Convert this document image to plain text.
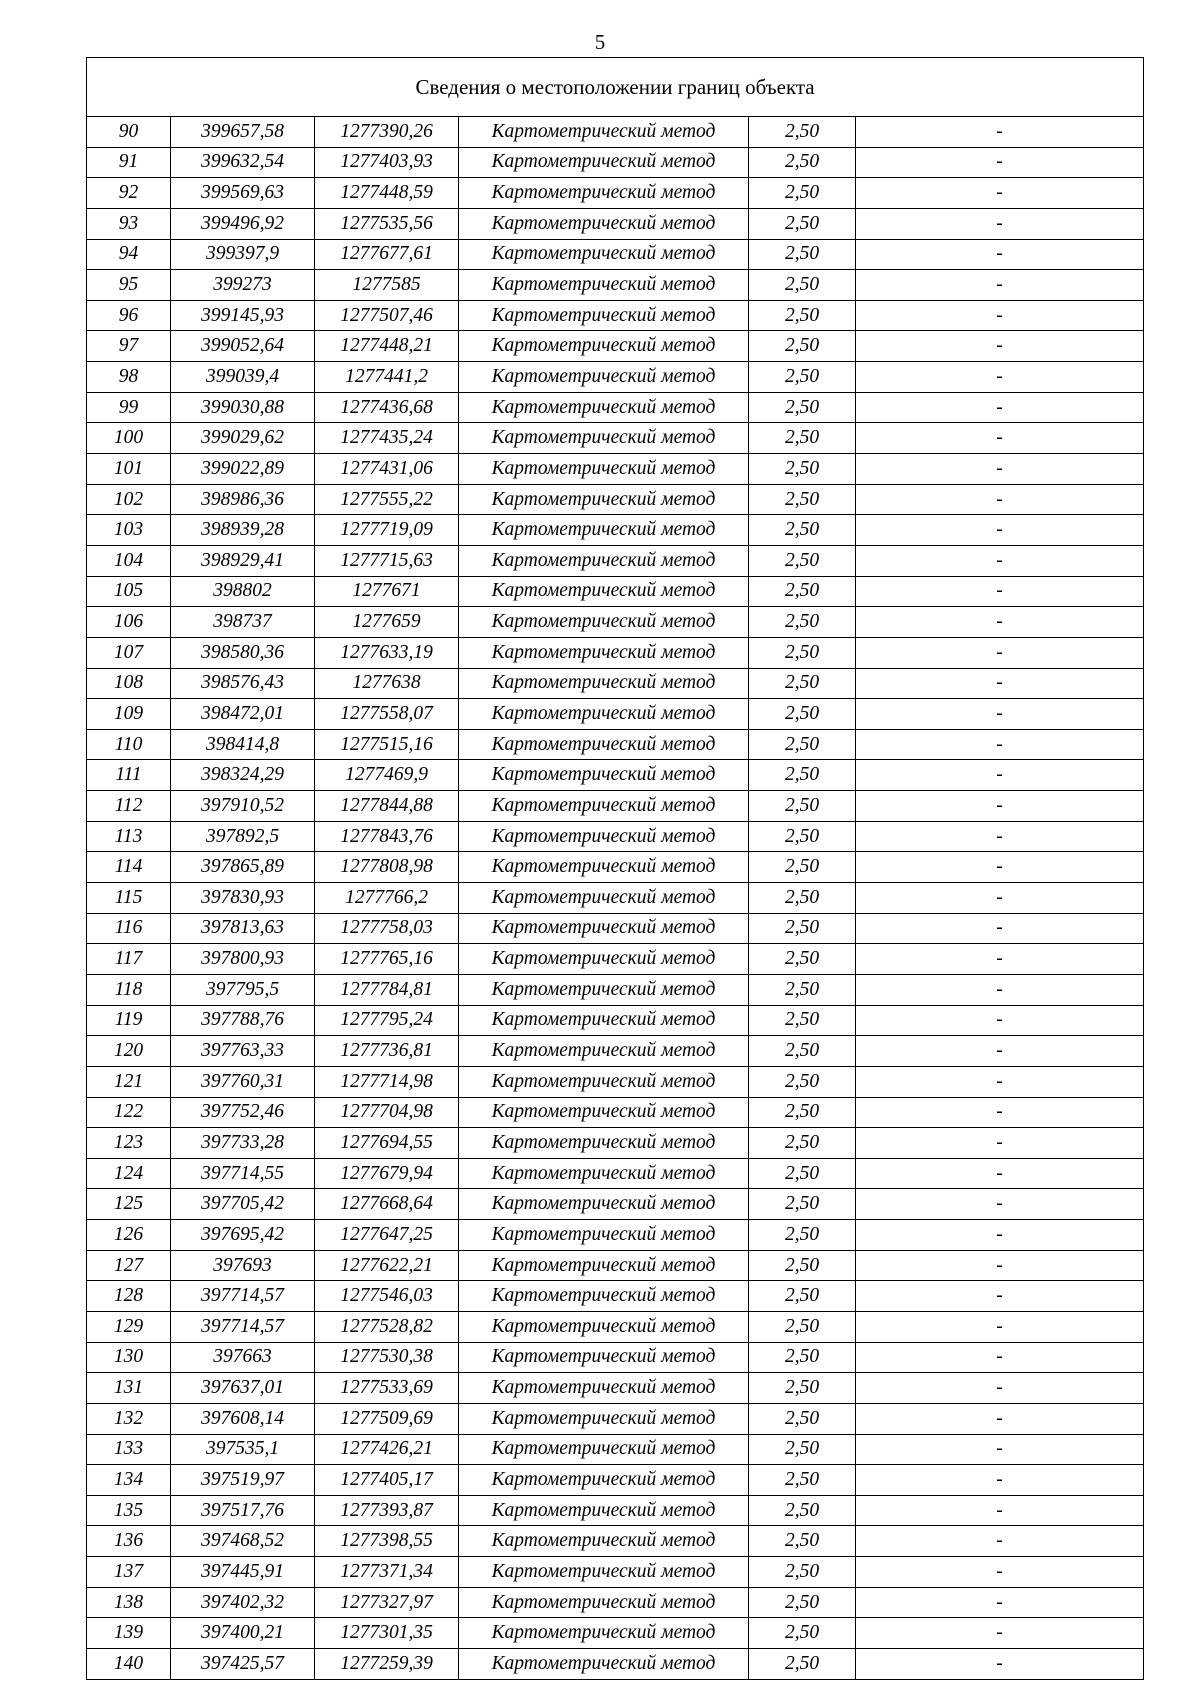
5
Сведения о местоположении границ объекта					
90	399657,58	1277390,26	Картометрический метод	2,50	-
91	399632,54	1277403,93	Картометрический метод	2,50	-
92	399569,63	1277448,59	Картометрический метод	2,50	-
93	399496,92	1277535,56	Картометрический метод	2,50	-
94	399397,9	1277677,61	Картометрический метод	2,50	-
95	399273	1277585	Картометрический метод	2,50	-
96	399145,93	1277507,46	Картометрический метод	2,50	-
97	399052,64	1277448,21	Картометрический метод	2,50	-
98	399039,4	1277441,2	Картометрический метод	2,50	-
99	399030,88	1277436,68	Картометрический метод	2,50	-
100	399029,62	1277435,24	Картометрический метод	2,50	-
101	399022,89	1277431,06	Картометрический метод	2,50	-
102	398986,36	1277555,22	Картометрический метод	2,50	-
103	398939,28	1277719,09	Картометрический метод	2,50	-
104	398929,41	1277715,63	Картометрический метод	2,50	-
105	398802	1277671	Картометрический метод	2,50	-
106	398737	1277659	Картометрический метод	2,50	-
107	398580,36	1277633,19	Картометрический метод	2,50	-
108	398576,43	1277638	Картометрический метод	2,50	-
109	398472,01	1277558,07	Картометрический метод	2,50	-
110	398414,8	1277515,16	Картометрический метод	2,50	-
111	398324,29	1277469,9	Картометрический метод	2,50	-
112	397910,52	1277844,88	Картометрический метод	2,50	-
113	397892,5	1277843,76	Картометрический метод	2,50	-
114	397865,89	1277808,98	Картометрический метод	2,50	-
115	397830,93	1277766,2	Картометрический метод	2,50	-
116	397813,63	1277758,03	Картометрический метод	2,50	-
117	397800,93	1277765,16	Картометрический метод	2,50	-
118	397795,5	1277784,81	Картометрический метод	2,50	-
119	397788,76	1277795,24	Картометрический метод	2,50	-
120	397763,33	1277736,81	Картометрический метод	2,50	-
121	397760,31	1277714,98	Картометрический метод	2,50	-
122	397752,46	1277704,98	Картометрический метод	2,50	-
123	397733,28	1277694,55	Картометрический метод	2,50	-
124	397714,55	1277679,94	Картометрический метод	2,50	-
125	397705,42	1277668,64	Картометрический метод	2,50	-
126	397695,42	1277647,25	Картометрический метод	2,50	-
127	397693	1277622,21	Картометрический метод	2,50	-
128	397714,57	1277546,03	Картометрический метод	2,50	-
129	397714,57	1277528,82	Картометрический метод	2,50	-
130	397663	1277530,38	Картометрический метод	2,50	-
131	397637,01	1277533,69	Картометрический метод	2,50	-
132	397608,14	1277509,69	Картометрический метод	2,50	-
133	397535,1	1277426,21	Картометрический метод	2,50	-
134	397519,97	1277405,17	Картометрический метод	2,50	-
135	397517,76	1277393,87	Картометрический метод	2,50	-
136	397468,52	1277398,55	Картометрический метод	2,50	-
137	397445,91	1277371,34	Картометрический метод	2,50	-
138	397402,32	1277327,97	Картометрический метод	2,50	-
139	397400,21	1277301,35	Картометрический метод	2,50	-
140	397425,57	1277259,39	Картометрический метод	2,50	-
